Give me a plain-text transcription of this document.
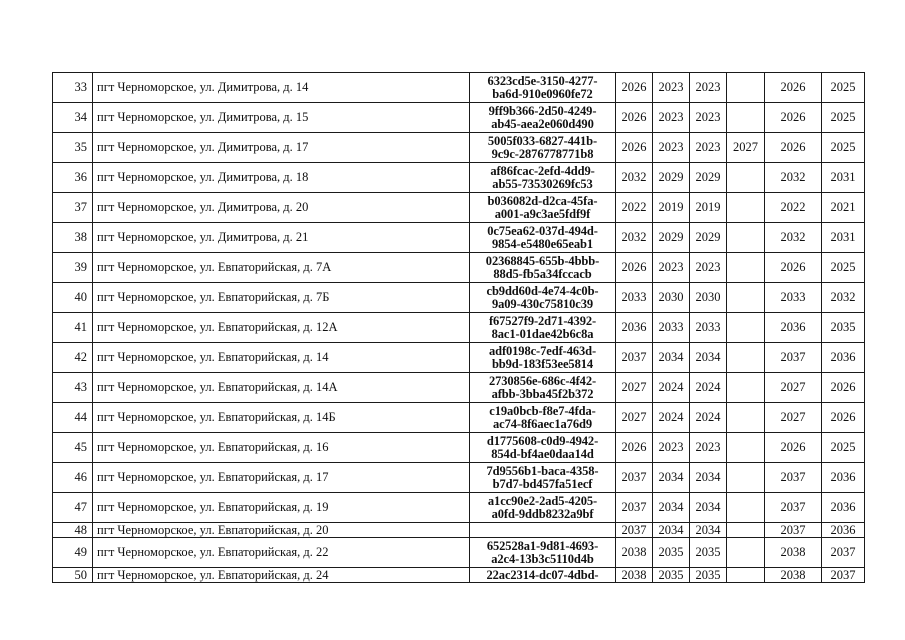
33	пгт Черноморское, ул. Димитрова, д. 14	6323cd5e-3150-4277-
ba6d-910e0960fe72	2026	2023	2023		2026	2025
34	пгт Черноморское, ул. Димитрова, д. 15	9ff9b366-2d50-4249-
ab45-aea2e060d490	2026	2023	2023		2026	2025
35	пгт Черноморское, ул. Димитрова, д. 17	5005f033-6827-441b-
9c9c-2876778771b8	2026	2023	2023	2027	2026	2025
36	пгт Черноморское, ул. Димитрова, д. 18	af86fcac-2efd-4dd9-
ab55-73530269fc53	2032	2029	2029		2032	2031
37	пгт Черноморское, ул. Димитрова, д. 20	b036082d-d2ca-45fa-
a001-a9c3ae5fdf9f	2022	2019	2019		2022	2021
38	пгт Черноморское, ул. Димитрова, д. 21	0c75ea62-037d-494d-
9854-e5480e65eab1	2032	2029	2029		2032	2031
39	пгт Черноморское, ул. Евпаторийская, д. 7А	02368845-655b-4bbb-
88d5-fb5a34fccacb	2026	2023	2023		2026	2025
40	пгт Черноморское, ул. Евпаторийская, д. 7Б	cb9dd60d-4e74-4c0b-
9a09-430c75810c39	2033	2030	2030		2033	2032
41	пгт Черноморское, ул. Евпаторийская, д. 12А	f67527f9-2d71-4392-
8ac1-01dae42b6c8a	2036	2033	2033		2036	2035
42	пгт Черноморское, ул. Евпаторийская, д. 14	adf0198c-7edf-463d-
bb9d-183f53ee5814	2037	2034	2034		2037	2036
43	пгт Черноморское, ул. Евпаторийская, д. 14А	2730856e-686c-4f42-
afbb-3bba45f2b372	2027	2024	2024		2027	2026
44	пгт Черноморское, ул. Евпаторийская, д. 14Б	c19a0bcb-f8e7-4fda-
ac74-8f6aec1a76d9	2027	2024	2024		2027	2026
45	пгт Черноморское, ул. Евпаторийская, д. 16	d1775608-c0d9-4942-
854d-bf4ae0daa14d	2026	2023	2023		2026	2025
46	пгт Черноморское, ул. Евпаторийская, д. 17	7d9556b1-baca-4358-
b7d7-bd457fa51ecf	2037	2034	2034		2037	2036
47	пгт Черноморское, ул. Евпаторийская, д. 19	a1cc90e2-2ad5-4205-
a0fd-9ddb8232a9bf	2037	2034	2034		2037	2036
48	пгт Черноморское, ул. Евпаторийская, д. 20		2037	2034	2034		2037	2036
49	пгт Черноморское, ул. Евпаторийская, д. 22	652528a1-9d81-4693-
a2c4-13b3c5110d4b	2038	2035	2035		2038	2037
50	пгт Черноморское, ул. Евпаторийская, д. 24	22ac2314-dc07-4dbd-	2038	2035	2035		2038	2037
